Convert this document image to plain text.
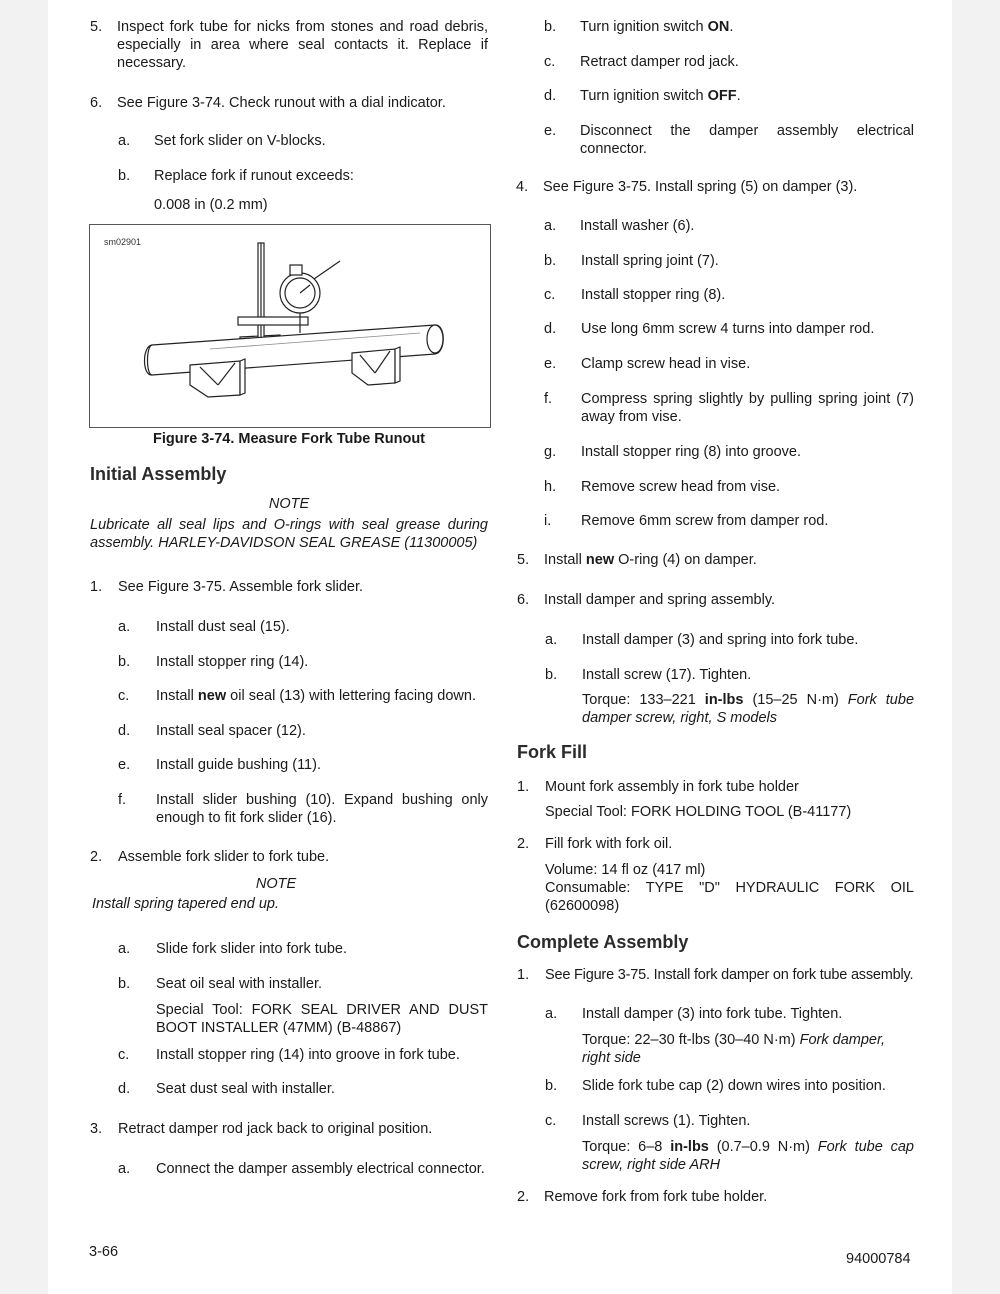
5. Inspect fork tube for nicks from stones and road debris, especially in area where seal contacts it. Replace if necessary.
6. See Figure 3-74. Check runout with a dial indicator.
a. Set fork slider on V-blocks.
b. Replace fork if runout exceeds:
0.008 in (0.2 mm)
sm02901
Figure 3-74. Measure Fork Tube Runout
Initial Assembly
NOTE
Lubricate all seal lips and O-rings with seal grease during assembly. HARLEY-DAVIDSON SEAL GREASE (11300005)
1. See Figure 3-75. Assemble fork slider.
a. Install dust seal (15).
b. Install stopper ring (14).
c. Install new oil seal (13) with lettering facing down.
d. Install seal spacer (12).
e. Install guide bushing (11).
f. Install slider bushing (10). Expand bushing only enough to fit fork slider (16).
2. Assemble fork slider to fork tube.
NOTE
Install spring tapered end up.
a. Slide fork slider into fork tube.
b. Seat oil seal with installer.
Special Tool: FORK SEAL DRIVER AND DUST BOOT INSTALLER (47MM) (B-48867)
c. Install stopper ring (14) into groove in fork tube.
d. Seat dust seal with installer.
3. Retract damper rod jack back to original position.
a. Connect the damper assembly electrical connector.
b. Turn ignition switch ON.
c. Retract damper rod jack.
d. Turn ignition switch OFF.
e. Disconnect the damper assembly electrical connector.
4. See Figure 3-75. Install spring (5) on damper (3).
a. Install washer (6).
b. Install spring joint (7).
c. Install stopper ring (8).
d. Use long 6mm screw 4 turns into damper rod.
e. Clamp screw head in vise.
f. Compress spring slightly by pulling spring joint (7) away from vise.
g. Install stopper ring (8) into groove.
h. Remove screw head from vise.
i. Remove 6mm screw from damper rod.
5. Install new O-ring (4) on damper.
6. Install damper and spring assembly.
a. Install damper (3) and spring into fork tube.
b. Install screw (17). Tighten.
Torque: 133–221 in-lbs (15–25 N·m) Fork tube damper screw, right, S models
Fork Fill
1. Mount fork assembly in fork tube holder
Special Tool: FORK HOLDING TOOL (B-41177)
2. Fill fork with fork oil.
Volume: 14 fl oz (417 ml)
Consumable: TYPE "D" HYDRAULIC FORK OIL (62600098)
Complete Assembly
1. See Figure 3-75. Install fork damper on fork tube assembly.
a. Install damper (3) into fork tube. Tighten.
Torque: 22–30 ft-lbs (30–40 N·m) Fork damper, right side
b. Slide fork tube cap (2) down wires into position.
c. Install screws (1). Tighten.
Torque: 6–8 in-lbs (0.7–0.9 N·m) Fork tube cap screw, right side ARH
2. Remove fork from fork tube holder.
3-66	94000784
